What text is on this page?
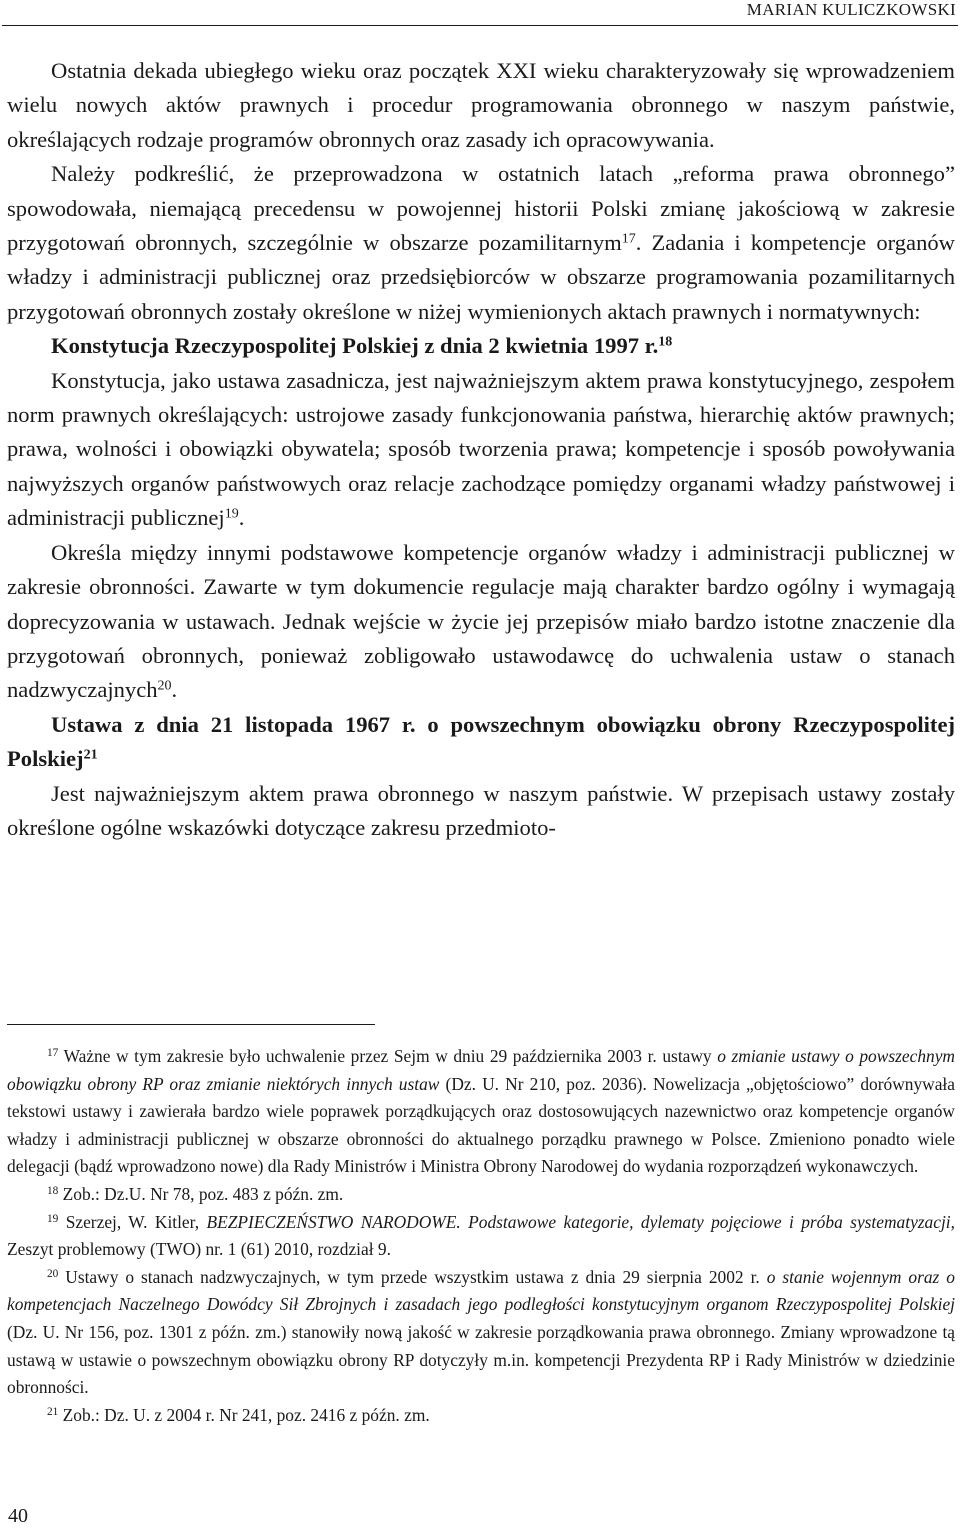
MARIAN KULICZKOWSKI

Ostatnia dekada ubiegłego wieku oraz początek XXI wieku charakteryzowały się wprowadzeniem wielu nowych aktów prawnych i procedur programowania obronnego w naszym państwie, określających rodzaje programów obronnych oraz zasady ich opracowywania.

Należy podkreślić, że przeprowadzona w ostatnich latach „reforma prawa obronnego” spowodowała, niemającą precedensu w powojennej historii Polski zmianę jakościową w zakresie przygotowań obronnych, szczególnie w obszarze pozamilitarnym$^{17}$. Zadania i kompetencje organów władzy i administracji publicznej oraz przedsiębiorców w obszarze programowania pozamilitarnych przygotowań obronnych zostały określone w niżej wymienionych aktach prawnych i normatywnych:

Konstytucja Rzeczypospolitej Polskiej z dnia 2 kwietnia 1997 r.$^{18}$

Konstytucja, jako ustawa zasadnicza, jest najważniejszym aktem prawa konstytucyjnego, zespołem norm prawnych określających: ustrojowe zasady funkcjonowania państwa, hierarchię aktów prawnych; prawa, wolności i obowiązki obywatela; sposób tworzenia prawa; kompetencje i sposób powoływania najwyższych organów państwowych oraz relacje zachodzące pomiędzy organami władzy państwowej i administracji publicznej$^{19}$.

Określa między innymi podstawowe kompetencje organów władzy i administracji publicznej w zakresie obronności. Zawarte w tym dokumencie regulacje mają charakter bardzo ogólny i wymagają doprecyzowania w ustawach. Jednak wejście w życie jej przepisów miało bardzo istotne znaczenie dla przygotowań obronnych, ponieważ zobligowało ustawodawcę do uchwalenia ustaw o stanach nadzwyczajnych$^{20}$.

Ustawa z dnia 21 listopada 1967 r. o powszechnym obowiązku obrony Rzeczypospolitej Polskiej$^{21}$

Jest najważniejszym aktem prawa obronnego w naszym państwie. W przepisach ustawy zostały określone ogólne wskazówki dotyczące zakresu przedmioto-

$^{17}$ Ważne w tym zakresie było uchwalenie przez Sejm w dniu 29 października 2003 r. ustawy o zmianie ustawy o powszechnym obowiązku obrony RP oraz zmianie niektórych innych ustaw (Dz. U. Nr 210, poz. 2036). Nowelizacja „objętościowo” dorównywała tekstowi ustawy i zawierała bardzo wiele poprawek porządkujących oraz dostosowujących nazewnictwo oraz kompetencje organów władzy i administracji publicznej w obszarze obronności do aktualnego porządku prawnego w Polsce. Zmieniono ponadto wiele delegacji (bądź wprowadzono nowe) dla Rady Ministrów i Ministra Obrony Narodowej do wydania rozporządzeń wykonawczych.

$^{18}$ Zob.: Dz.U. Nr 78, poz. 483 z późn. zm.

$^{19}$ Szerzej, W. Kitler, BEZPIECZEŃSTWO NARODOWE. Podstawowe kategorie, dylematy pojęciowe i próba systematyzacji, Zeszyt problemowy (TWO) nr. 1 (61) 2010, rozdział 9.

$^{20}$ Ustawy o stanach nadzwyczajnych, w tym przede wszystkim ustawa z dnia 29 sierpnia 2002 r. o stanie wojennym oraz o kompetencjach Naczelnego Dowódcy Sił Zbrojnych i zasadach jego podległości konstytucyjnym organom Rzeczypospolitej Polskiej (Dz. U. Nr 156, poz. 1301 z późn. zm.) stanowiły nową jakość w zakresie porządkowania prawa obronnego. Zmiany wprowadzone tą ustawą w ustawie o powszechnym obowiązku obrony RP dotyczyły m.in. kompetencji Prezydenta RP i Rady Ministrów w dziedzinie obronności.

$^{21}$ Zob.: Dz. U. z 2004 r. Nr 241, poz. 2416 z późn. zm.

40
